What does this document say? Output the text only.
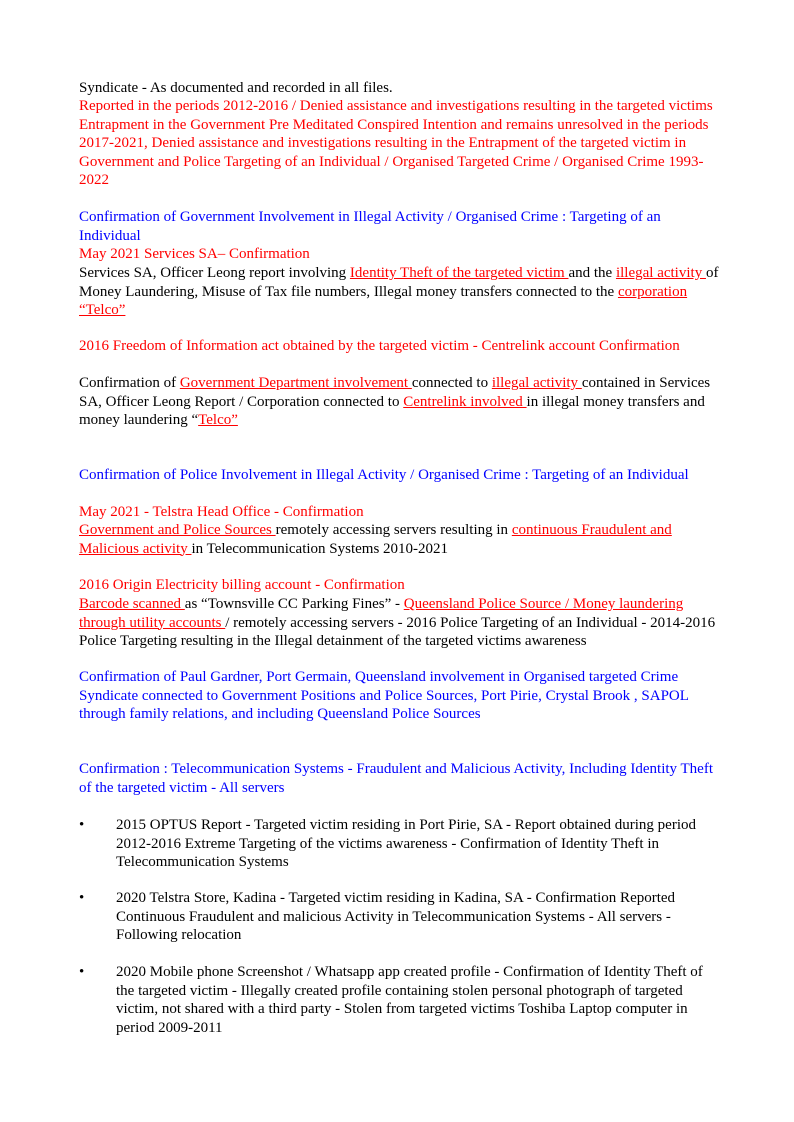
Syndicate - As documented and recorded in all files.

Reported in the periods 2012-2016 / Denied assistance and investigations resulting in the targeted victims Entrapment in the Government Pre Meditated Conspired Intention and remains unresolved in the periods 2017-2021, Denied assistance and investigations resulting in the Entrapment of the targeted victim in Government and Police Targeting of an Individual / Organised Targeted Crime / Organised Crime 1993-2022

Confirmation of Government Involvement in Illegal Activity / Organised Crime : Targeting of an Individual

May 2021 Services SA– Confirmation

Services SA, Officer Leong report involving Identity Theft of the targeted victim and the illegal activity of Money Laundering, Misuse of Tax file numbers, Illegal money transfers connected to the corporation “Telco”

2016 Freedom of Information act obtained by the targeted victim - Centrelink account Confirmation

Confirmation of Government Department involvement connected to illegal activity contained in Services SA, Officer Leong Report / Corporation connected to Centrelink involved in illegal money transfers and money laundering “Telco”

Confirmation of Police Involvement in Illegal Activity / Organised Crime : Targeting of an Individual

May 2021 - Telstra Head Office - Confirmation

Government and Police Sources remotely accessing servers resulting in continuous Fraudulent and Malicious activity in Telecommunication Systems 2010-2021

2016 Origin Electricity billing account - Confirmation

Barcode scanned as “Townsville CC Parking Fines” - Queensland Police Source / Money laundering through utility accounts / remotely accessing servers - 2016 Police Targeting of an Individual - 2014-2016 Police Targeting resulting in the Illegal detainment of the targeted victims awareness

Confirmation of Paul Gardner, Port Germain, Queensland involvement in Organised targeted Crime Syndicate connected to Government Positions and Police Sources, Port Pirie, Crystal Brook , SAPOL through family relations, and including Queensland Police Sources

Confirmation : Telecommunication Systems - Fraudulent and Malicious Activity, Including Identity Theft of the targeted victim - All servers

•	2015 OPTUS Report - Targeted victim residing in Port Pirie, SA - Report obtained during period 2012-2016 Extreme Targeting of the victims awareness - Confirmation of Identity Theft in Telecommunication Systems
•	2020 Telstra Store, Kadina - Targeted victim residing in Kadina, SA - Confirmation Reported Continuous Fraudulent and malicious Activity in Telecommunication Systems - All servers - Following relocation
•	2020 Mobile phone Screenshot / Whatsapp app created profile - Confirmation of Identity Theft of the targeted victim - Illegally created profile containing stolen personal photograph of targeted victim, not shared with a third party - Stolen from targeted victims Toshiba Laptop computer in period 2009-2011
